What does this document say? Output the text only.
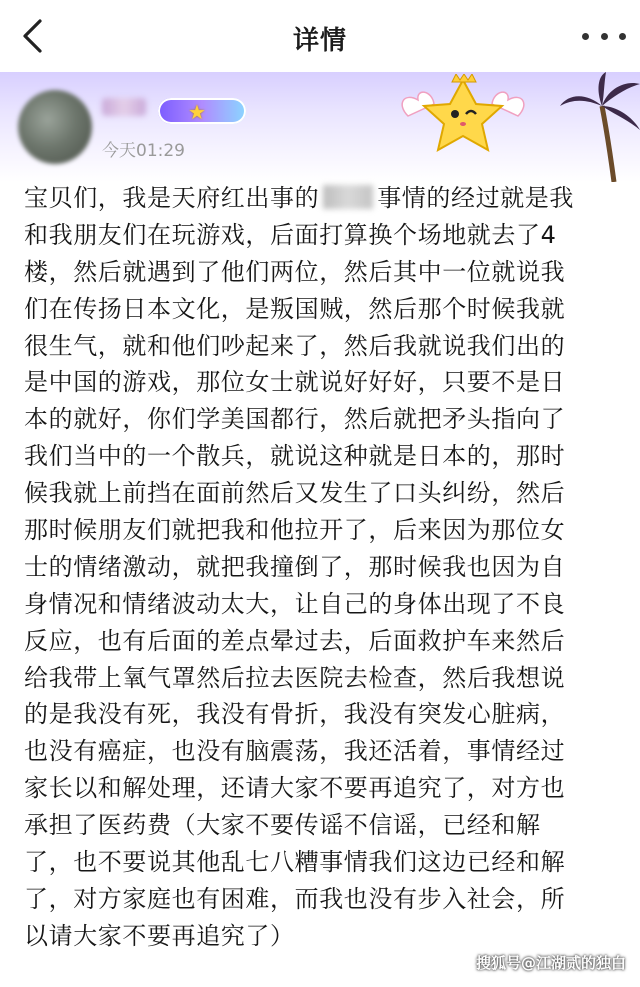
详情
★
今天01:29
宝贝们，我是天府红出事的 事情的经过就是我
和我朋友们在玩游戏，后面打算换个场地就去了4
楼，然后就遇到了他们两位，然后其中一位就说我
们在传扬日本文化，是叛国贼，然后那个时候我就
很生气，就和他们吵起来了，然后我就说我们出的
是中国的游戏，那位女士就说好好好，只要不是日
本的就好，你们学美国都行，然后就把矛头指向了
我们当中的一个散兵，就说这种就是日本的，那时
候我就上前挡在面前然后又发生了口头纠纷，然后
那时候朋友们就把我和他拉开了，后来因为那位女
士的情绪激动，就把我撞倒了，那时候我也因为自
身情况和情绪波动太大，让自己的身体出现了不良
反应，也有后面的差点晕过去，后面救护车来然后
给我带上氧气罩然后拉去医院去检查，然后我想说
的是我没有死，我没有骨折，我没有突发心脏病，
也没有癌症，也没有脑震荡，我还活着，事情经过
家长以和解处理，还请大家不要再追究了，对方也
承担了医药费（大家不要传谣不信谣，已经和解
了，也不要说其他乱七八糟事情我们这边已经和解
了，对方家庭也有困难，而我也没有步入社会，所
以请大家不要再追究了）
搜狐号@江湖贰的独白
